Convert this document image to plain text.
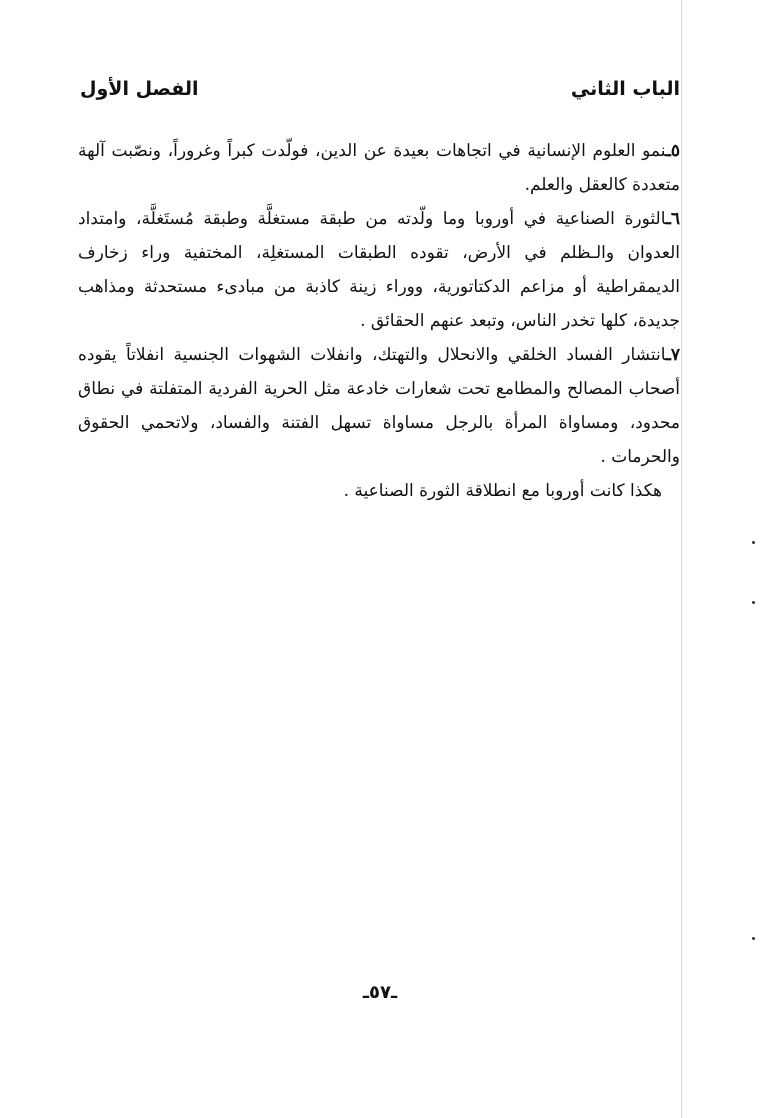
الباب الثاني
الفصل الأول

٥ـنمو العلوم الإنسانية في اتجاهات بعيدة عن الدين، فولّدت كبراً وغروراً، ونصّبت آلهة متعددة كالعقل والعلم.

٦ـالثورة الصناعية في أوروبا وما ولّدته من طبقة مستغلَّة وطبقة مُستَغلَّة، وامتداد العدوان والـظلم في الأرض، تقوده الطبقات المستغلِة، المختفية وراء زخارف الديمقراطية أو مزاعم الدكتاتورية، ووراء زينة كاذبة من مبادىء مستحدثة ومذاهب جديدة، كلها تخدر الناس، وتبعد عنهم الحقائق .

٧ـانتشار الفساد الخلقي والانحلال والتهتك، وانفلات الشهوات الجنسية انفلاتاً يقوده أصحاب المصالح والمطامع تحت شعارات خادعة مثل الحرية الفردية المتفلتة في نطاق محدود، ومساواة المرأة بالرجل مساواة تسهل الفتنة والفساد، ولاتحمي الحقوق والحرمات .

هكذا كانت أوروبا مع انطلاقة الثورة الصناعية .

ـ٥٧ـ
